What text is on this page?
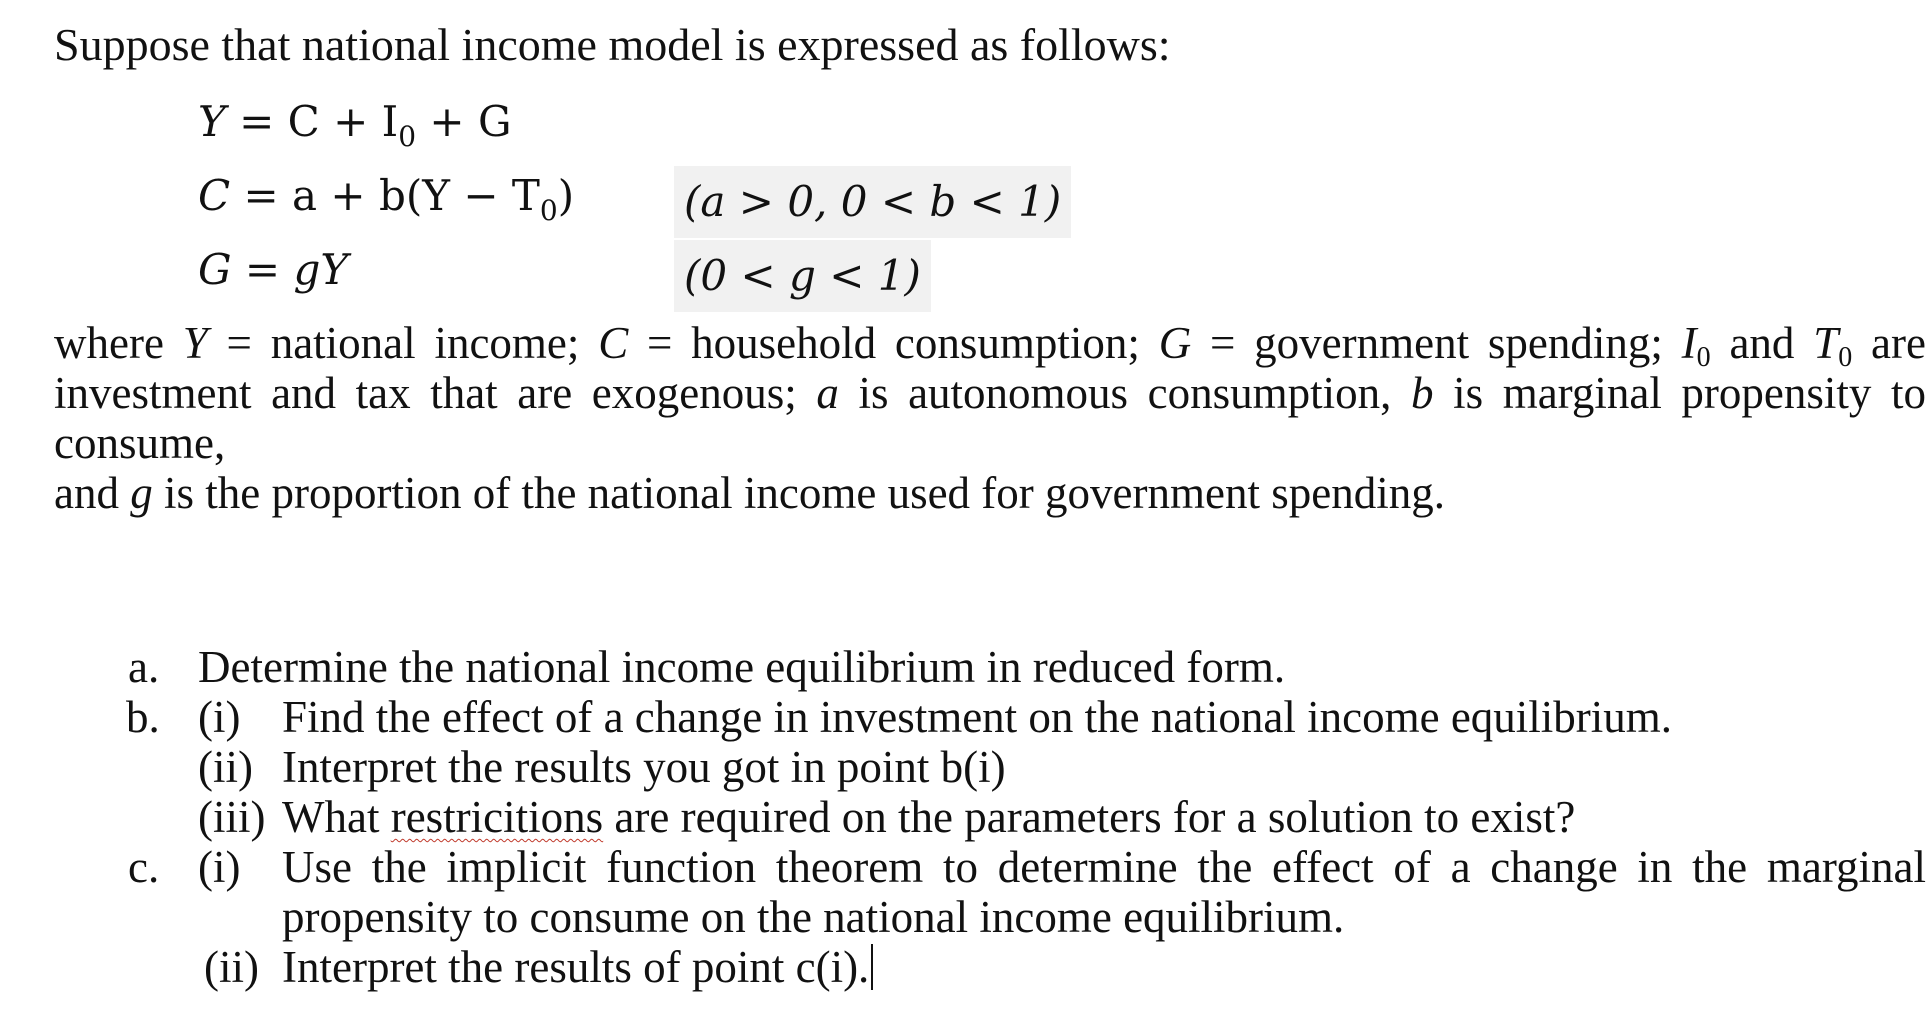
Suppose that national income model is expressed as follows:
$Y = C + I_0 + G$
$C = a + b(Y - T_0)$
G = gY
(a > 0, 0 < b < 1)
(0 < g < 1)
where Y = national income; C = household consumption; G = government spending; $I_0$ and $T_0$ are
investment and tax that are exogenous; a is autonomous consumption, b is marginal propensity to consume,
and g is the proportion of the national income used for government spending.
a. Determine the national income equilibrium in reduced form.
b. (i) Find the effect of a change in investment on the national income equilibrium.
(ii) Interpret the results you got in point b(i)
(iii) What restricitions are required on the parameters for a solution to exist?
c. (i) Use the implicit function theorem to determine the effect of a change in the marginal
propensity to consume on the national income equilibrium.
(ii) Interpret the results of point c(i).
